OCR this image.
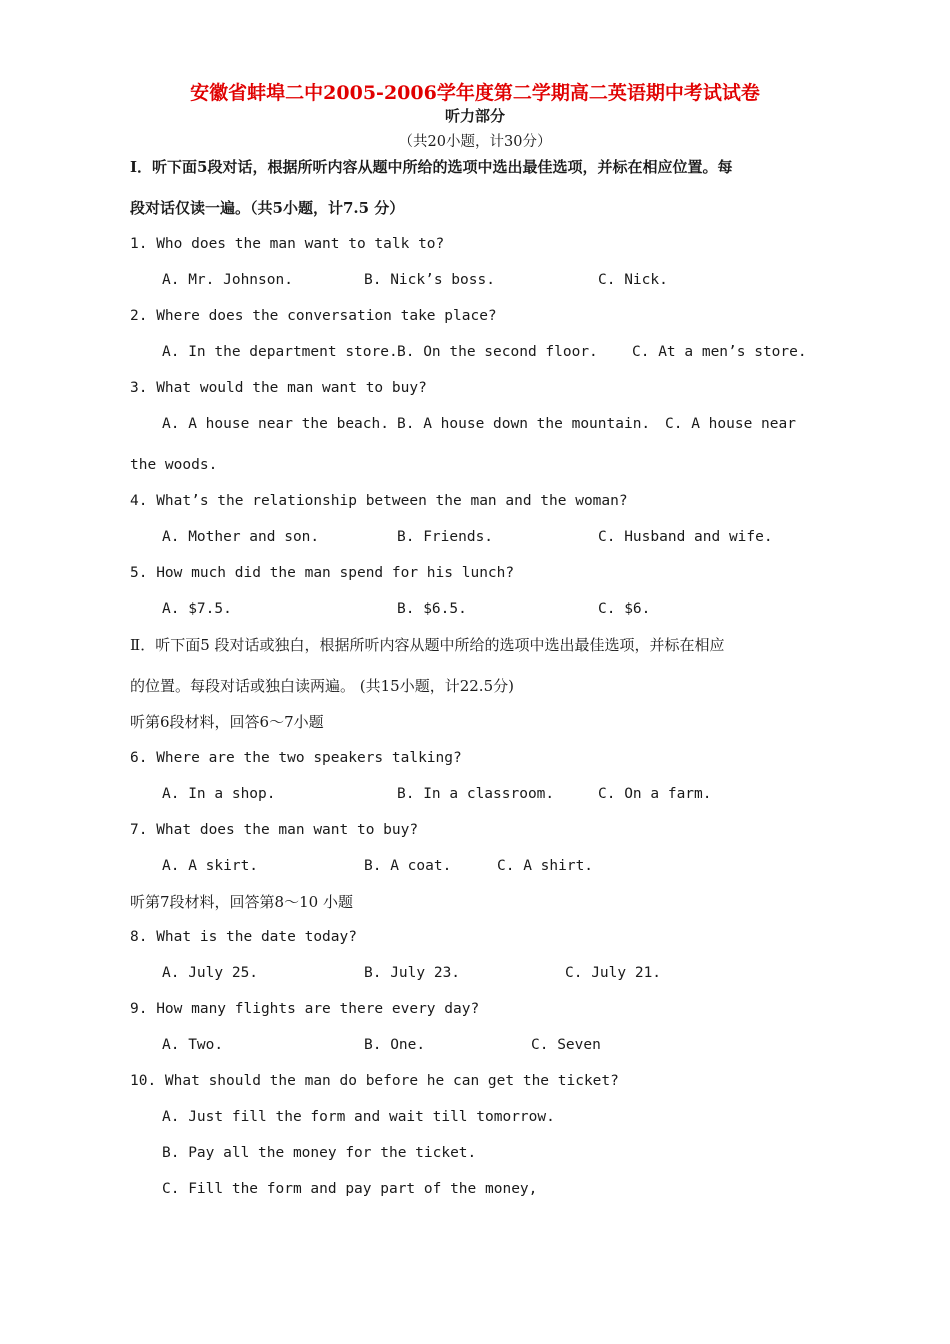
安徽省蚌埠二中2005-2006学年度第二学期高二英语期中考试试卷
听力部分
（共20小题，计30分）
Ⅰ．听下面5段对话，根据所听内容从题中所给的选项中选出最佳选项，并标在相应位置。每
段对话仅读一遍。（共5小题，计7.5 分）
1. Who does the man want to talk to?
A. Mr. Johnson.	B. Nick’s boss.	C. Nick.
2. Where does the conversation take place?
A. In the department store. B. On the second floor. C. At a men’s store.
3. What would the man want to buy?
A. A house near the beach. B. A house down the mountain. C. A house near
the woods.
4. What’s the relationship between the man and the woman?
A. Mother and son.	B. Friends.	C. Husband and wife.
5. How much did the man spend for his lunch?
A. $7.5.	B. $6.5.	C. $6.
Ⅱ．听下面5 段对话或独白，根据所听内容从题中所给的选项中选出最佳选项，并标在相应
的位置。每段对话或独白读两遍。 (共15小题，计22.5分)
听第6段材料，回答6～7小题
6. Where are the two speakers talking?
A. In a shop.	B. In a classroom.	C. On a farm.
7. What does the man want to buy?
A. A skirt.	B. A coat.	C. A shirt.
听第7段材料，回答第8～10 小题
8. What is the date today?
A. July 25.	B. July 23.	C. July 21.
9. How many flights are there every day?
A. Two.	B. One.	C. Seven
10. What should the man do before he can get the ticket?
A. Just fill the form and wait till tomorrow.
B. Pay all the money for the ticket.
C. Fill the form and pay part of the money,
